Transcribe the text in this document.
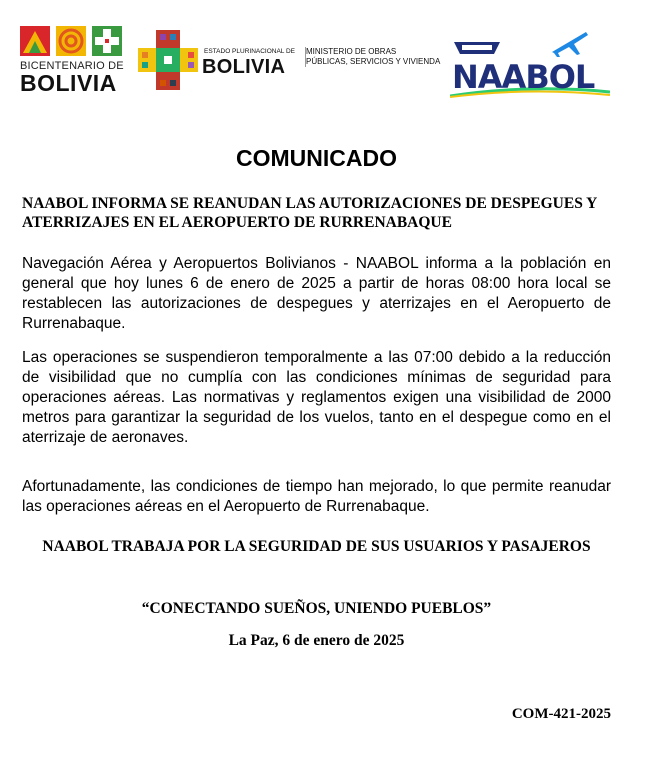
BICENTENARIO DE
BOLIVIA
ESTADO PLURINACIONAL DE
BOLIVIA
MINISTERIO DE OBRAS
PÚBLICAS, SERVICIOS Y VIVIENDA NAABOL
COMUNICADO
NAABOL INFORMA SE REANUDAN LAS AUTORIZACIONES DE DESPEGUES Y ATERRIZAJES EN EL AEROPUERTO DE RURRENABAQUE
Navegación Aérea y Aeropuertos Bolivianos - NAABOL informa a la población en general que hoy lunes 6 de enero de 2025 a partir de horas 08:00 hora local se restablecen las autorizaciones de despegues y aterrizajes en el Aeropuerto de Rurrenabaque.
Las operaciones se suspendieron temporalmente a las 07:00 debido a la reducción de visibilidad que no cumplía con las condiciones mínimas de seguridad para operaciones aéreas. Las normativas y reglamentos exigen una visibilidad de 2000 metros para garantizar la seguridad de los vuelos, tanto en el despegue como en el aterrizaje de aeronaves.
Afortunadamente, las condiciones de tiempo han mejorado, lo que permite reanudar las operaciones aéreas en el Aeropuerto de Rurrenabaque.
NAABOL TRABAJA POR LA SEGURIDAD DE SUS USUARIOS Y PASAJEROS
“CONECTANDO SUEÑOS, UNIENDO PUEBLOS”
La Paz, 6 de enero de 2025
COM-421-2025
